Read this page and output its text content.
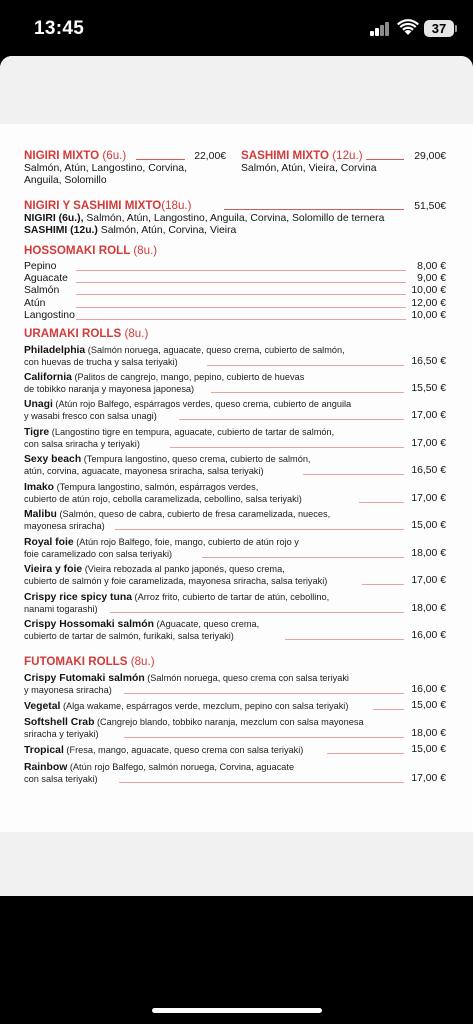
13:45	37
NIGIRI MIXTO (6u.)	22,00€
Salmón, Atún, Langostino, Corvina,
Anguila, Solomillo
SASHIMI MIXTO (12u.)	29,00€
Salmón, Atún, Vieira, Corvina
NIGIRI Y SASHIMI MIXTO(18u.)	51,50€
NIGIRI (6u.), Salmón, Atún, Langostino, Anguila, Corvina, Solomillo de ternera
SASHIMI (12u.) Salmón, Atún, Corvina, Vieira
HOSSOMAKI ROLL (8u.)
Pepino	8,00 €
Aguacate	9,00 €
Salmón	10,00 €
Atún	12,00 €
Langostino	10,00 €
URAMAKI ROLLS (8u.)
Philadelphia (Salmón noruega, aguacate, queso crema, cubierto de salmón,
con huevas de trucha y salsa teriyaki)	16,50 €
California (Palitos de cangrejo, mango, pepino, cubierto de huevas
de tobikko naranja y mayonesa japonesa)	15,50 €
Unagi (Atún rojo Balfego, espárragos verdes, queso crema, cubierto de anguila
y wasabi fresco con salsa unagi)	17,00 €
Tigre (Langostino tigre en tempura, aguacate, cubierto de tartar de salmón,
con salsa sriracha y teriyaki)	17,00 €
Sexy beach (Tempura langostino, queso crema, cubierto de salmón,
atún, corvina, aguacate, mayonesa sriracha, salsa teriyaki)	16,50 €
Imako (Tempura langostino, salmón, espárragos verdes,
cubierto de atún rojo, cebolla caramelizada, cebollino, salsa teriyaki)	17,00 €
Malibu (Salmón, queso de cabra, cubierto de fresa caramelizada, nueces,
mayonesa sriracha)	15,00 €
Royal foie (Atún rojo Balfego, foie, mango, cubierto de atún rojo y
foie caramelizado con salsa teriyaki)	18,00 €
Vieira y foie (Vieira rebozada al panko japonés, queso crema,
cubierto de salmón y foie caramelizada, mayonesa sriracha, salsa teriyaki)	17,00 €
Crispy rice spicy tuna (Arroz frito, cubierto de tartar de atún, cebollino,
nanami togarashi)	18,00 €
Crispy Hossomaki salmón (Aguacate, queso crema,
cubierto de tartar de salmón, furikaki, salsa teriyaki)	16,00 €
FUTOMAKI ROLLS (8u.)
Crispy Futomaki salmón (Salmón noruega, queso crema con salsa teriyaki
y mayonesa sriracha)	16,00 €
Vegetal (Alga wakame, espárragos verde, mezclum, pepino con salsa teriyaki)	15,00 €
Softshell Crab (Cangrejo blando, tobbiko naranja, mezclum con salsa mayonesa
sriracha y teriyaki)	18,00 €
Tropical (Fresa, mango, aguacate, queso crema con salsa teriyaki)	15,00 €
Rainbow (Atún rojo Balfego, salmón noruega, Corvina, aguacate
con salsa teriyaki)	17,00 €
